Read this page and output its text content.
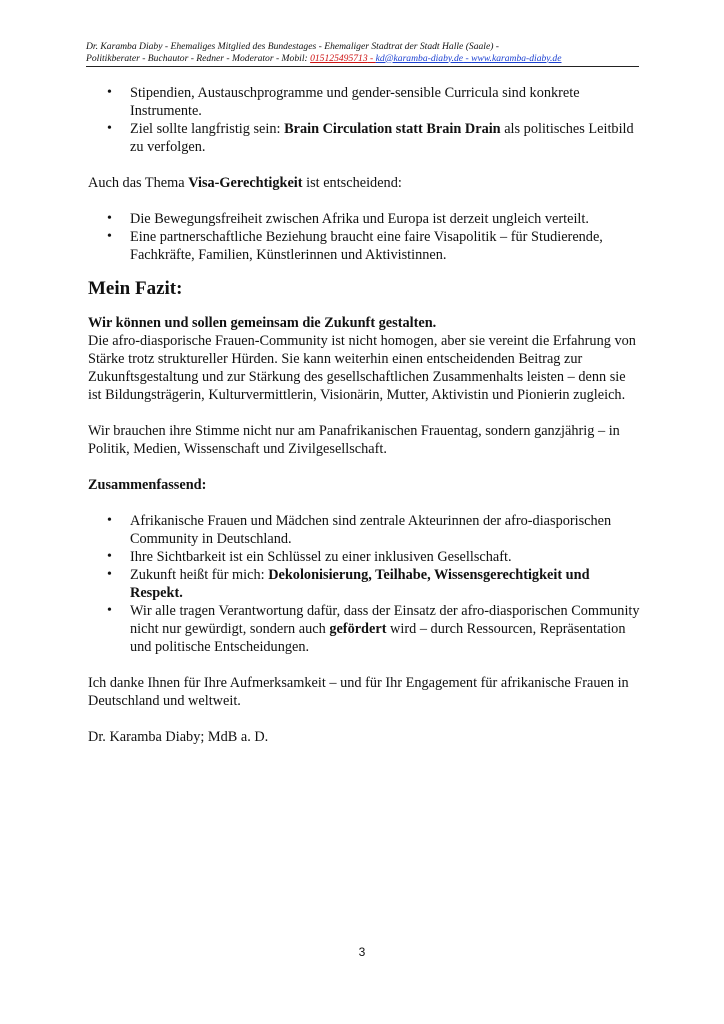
Dr. Karamba Diaby - Ehemaliges Mitglied des Bundestages - Ehemaliger Stadtrat der Stadt Halle (Saale) -
Politikberater - Buchautor - Redner - Moderator - Mobil: 015125495713 - kd@karamba-diaby.de - www.karamba-diaby.de
• Stipendien, Austauschprogramme und gender-sensible Curricula sind konkrete Instrumente.
• Ziel sollte langfristig sein: Brain Circulation statt Brain Drain als politisches Leitbild zu verfolgen.

Auch das Thema Visa-Gerechtigkeit ist entscheidend:

• Die Bewegungsfreiheit zwischen Afrika und Europa ist derzeit ungleich verteilt.
• Eine partnerschaftliche Beziehung braucht eine faire Visapolitik – für Studierende, Fachkräfte, Familien, Künstlerinnen und Aktivistinnen.
Mein Fazit:

Wir können und sollen gemeinsam die Zukunft gestalten.

Die afro-diasporische Frauen-Community ist nicht homogen, aber sie vereint die Erfahrung von Stärke trotz struktureller Hürden. Sie kann weiterhin einen entscheidenden Beitrag zur Zukunftsgestaltung und zur Stärkung des gesellschaftlichen Zusammenhalts leisten – denn sie ist Bildungsträgerin, Kulturvermittlerin, Visionärin, Mutter, Aktivistin und Pionierin zugleich.

Wir brauchen ihre Stimme nicht nur am Panafrikanischen Frauentag, sondern ganzjährig – in Politik, Medien, Wissenschaft und Zivilgesellschaft.

Zusammenfassend:

• Afrikanische Frauen und Mädchen sind zentrale Akteurinnen der afro-diasporischen Community in Deutschland.
• Ihre Sichtbarkeit ist ein Schlüssel zu einer inklusiven Gesellschaft.
• Zukunft heißt für mich: Dekolonisierung, Teilhabe, Wissensgerechtigkeit und Respekt.
• Wir alle tragen Verantwortung dafür, dass der Einsatz der afro-diasporischen Community nicht nur gewürdigt, sondern auch gefördert wird – durch Ressourcen, Repräsentation und politische Entscheidungen.

Ich danke Ihnen für Ihre Aufmerksamkeit – und für Ihr Engagement für afrikanische Frauen in Deutschland und weltweit.

Dr. Karamba Diaby; MdB a. D.

3
